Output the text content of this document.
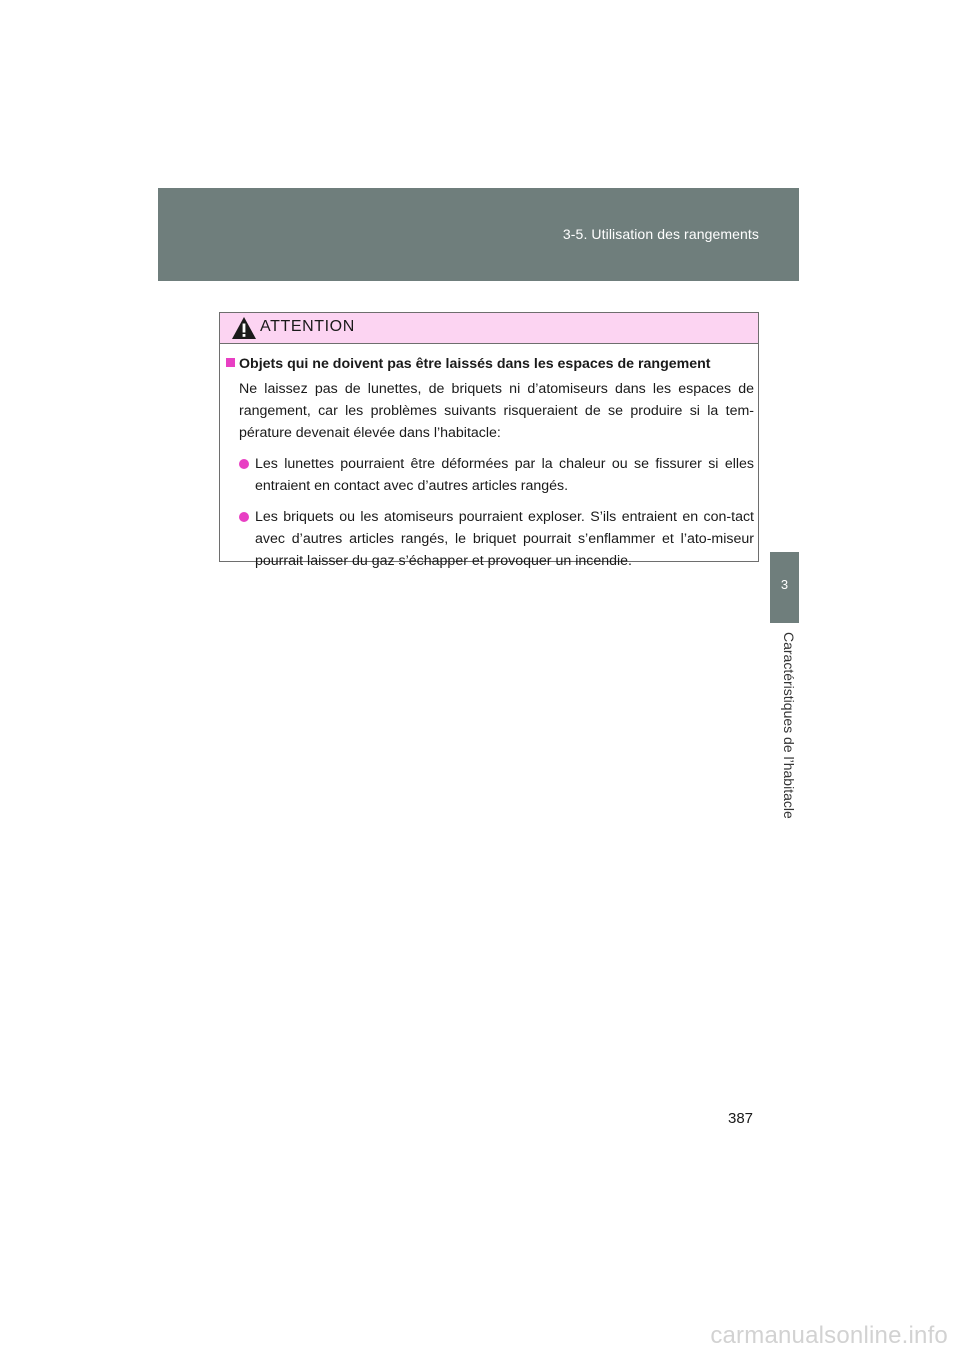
3-5. Utilisation des rangements
3
Caractéristiques de l’habitacle
ATTENTION
Objets qui ne doivent pas être laissés dans les espaces de rangement

Ne laissez pas de lunettes, de briquets ni d’atomiseurs dans les espaces de rangement, car les problèmes suivants risqueraient de se produire si la tem-pérature devenait élevée dans l’habitacle:

Les lunettes pourraient être déformées par la chaleur ou se fissurer si elles entraient en contact avec d’autres articles rangés.
Les briquets ou les atomiseurs pourraient exploser. S’ils entraient en con-tact avec d’autres articles rangés, le briquet pourrait s’enflammer et l’ato-miseur pourrait laisser du gaz s’échapper et provoquer un incendie.
387
carmanualsonline.info
